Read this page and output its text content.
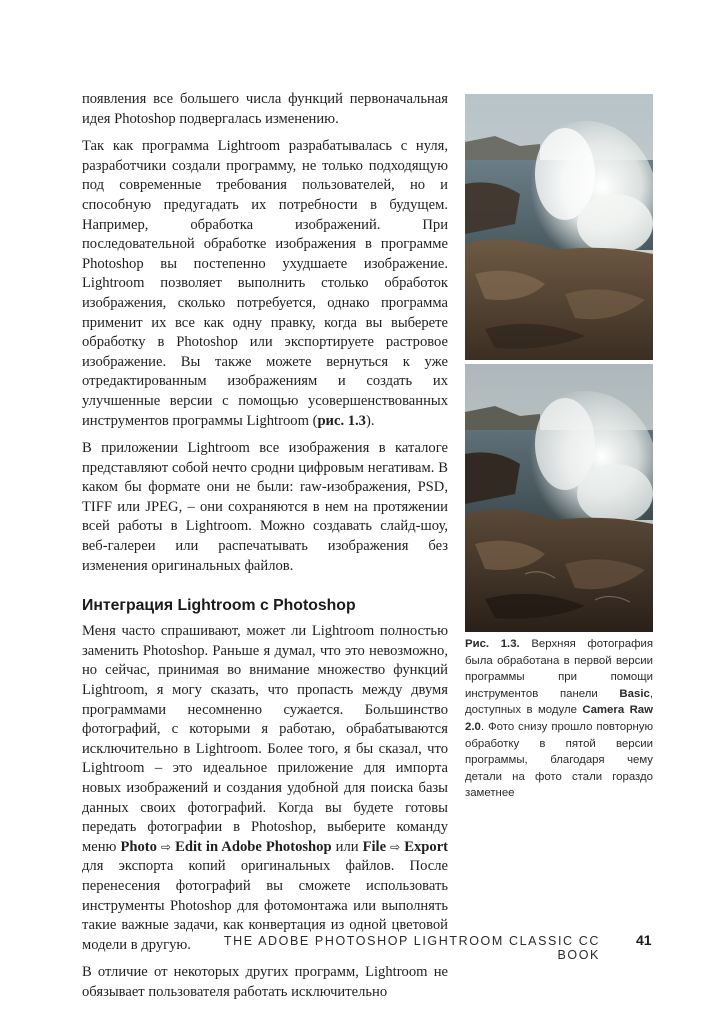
появления все большего числа функций первоначальная идея Photoshop подвергалась изменению.

Так как программа Lightroom разрабатывалась с нуля, разработчики создали программу, не только подходящую под современные требования пользователей, но и способную предугадать их потребности в будущем. Например, обработка изображений. При последовательной обработке изображения в программе Photoshop вы постепенно ухудшаете изображение. Lightroom позволяет выполнить столько обработок изображения, сколько потребуется, однако программа применит их все как одну правку, когда вы выберете обработку в Photoshop или экспортируете растровое изображение. Вы также можете вернуться к уже отредактированным изображениям и создать их улучшенные версии с помощью усовершенствованных инструментов программы Lightroom (рис. 1.3).

В приложении Lightroom все изображения в каталоге представляют собой нечто сродни цифровым негативам. В каком бы формате они не были: raw-изображения, PSD, TIFF или JPEG, – они сохраняются в нем на протяжении всей работы в Lightroom. Можно создавать слайд-шоу, веб-галереи или распечатывать изображения без изменения оригинальных файлов.

Интеграция Lightroom с Photoshop

Меня часто спрашивают, может ли Lightroom полностью заменить Photoshop. Раньше я думал, что это невозможно, но сейчас, принимая во внимание множество функций Lightroom, я могу сказать, что пропасть между двумя программами несомненно сужается. Большинство фотографий, с которыми я работаю, обрабатываются исключительно в Lightroom. Более того, я бы сказал, что Lightroom – это идеальное приложение для импорта новых изображений и создания удобной для поиска базы данных своих фотографий. Когда вы будете готовы передать фотографии в Photoshop, выберите команду меню Photo ⇨ Edit in Adobe Photoshop или File ⇨ Export для экспорта копий оригинальных файлов. После перенесения фотографий вы сможете использовать инструменты Photoshop для фотомонтажа или выполнять такие важные задачи, как конвертация из одной цветовой модели в другую.

В отличие от некоторых других программ, Lightroom не обязывает пользователя работать исключительно

Рис. 1.3. Верхняя фотография была обработана в первой версии программы при помощи инструментов панели Basic, доступных в модуле Camera Raw 2.0. Фото снизу прошло повторную обработку в пятой версии программы, благодаря чему детали на фото стали гораздо заметнее
THE ADOBE PHOTOSHOP LIGHTROOM CLASSIC CC BOOK
41
